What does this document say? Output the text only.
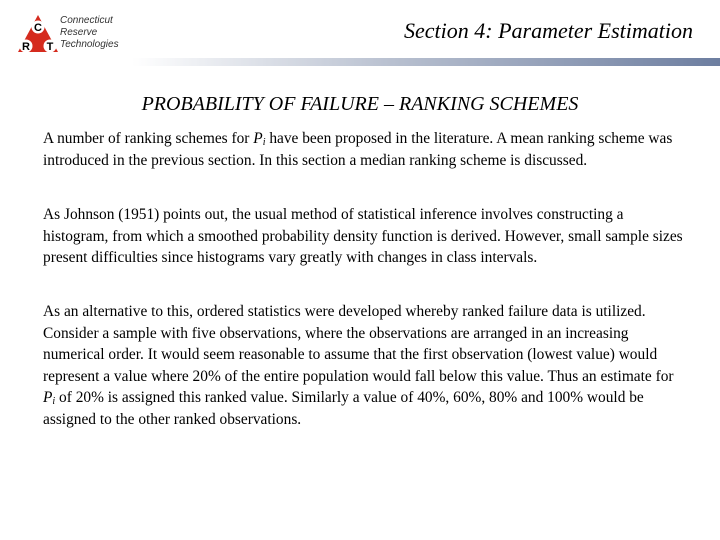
C
R T
Connecticut
Reserve
Technologies
Section 4: Parameter Estimation
PROBABILITY OF FAILURE – RANKING SCHEMES

A number of ranking schemes for $P_i$ have been proposed in the literature. A mean ranking scheme was introduced in the previous section. In this section a median ranking scheme is discussed.

As Johnson (1951) points out, the usual method of statistical inference involves constructing a histogram, from which a smoothed probability density function is derived. However, small sample sizes present difficulties since histograms vary greatly with changes in class intervals.

As an alternative to this, ordered statistics were developed whereby ranked failure data is utilized. Consider a sample with five observations, where the observations are arranged in an increasing numerical order. It would seem reasonable to assume that the first observation (lowest value) would represent a value where 20% of the entire population would fall below this value. Thus an estimate for $P_i$ of 20% is assigned this ranked value. Similarly a value of 40%, 60%, 80% and 100% would be assigned to the other ranked observations.
